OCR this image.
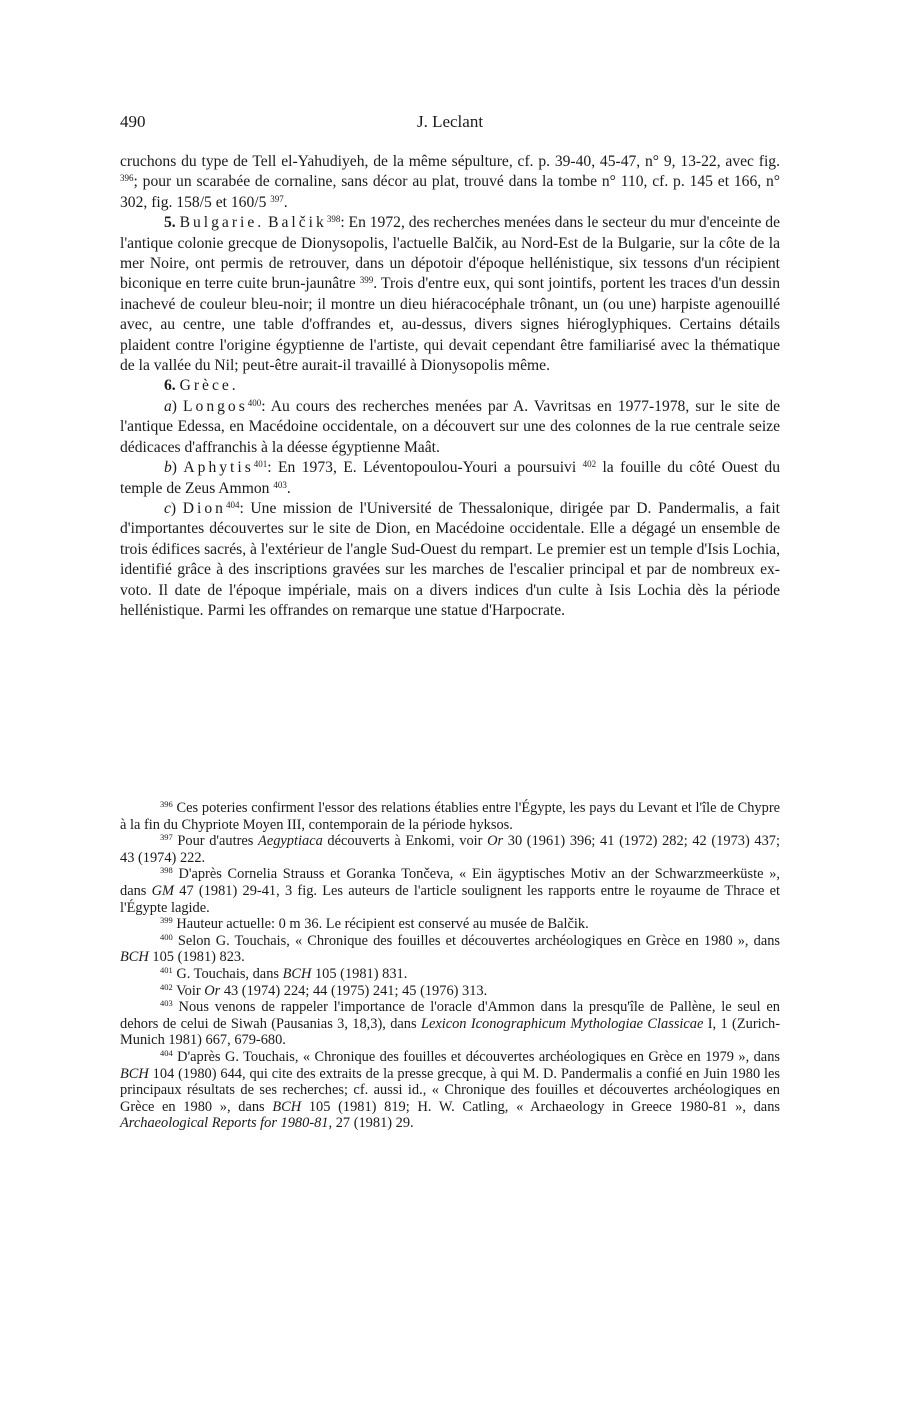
490	J. Leclant

cruchons du type de Tell el-Yahudiyeh, de la même sépulture, cf. p. 39-40, 45-47, n° 9, 13-22, avec fig. $^{396}$; pour un scarabée de cornaline, sans décor au plat, trouvé dans la tombe n° 110, cf. p. 145 et 166, n° 302, fig. 158/5 et 160/5 $^{397}$.

5. Bulgarie. Balčik$^{398}$: En 1972, des recherches menées dans le secteur du mur d'enceinte de l'antique colonie grecque de Dionysopolis, l'actuelle Balčik, au Nord-Est de la Bulgarie, sur la côte de la mer Noire, ont permis de retrouver, dans un dépotoir d'époque hellénistique, six tessons d'un récipient biconique en terre cuite brun-jaunâtre $^{399}$. Trois d'entre eux, qui sont jointifs, portent les traces d'un dessin inachevé de couleur bleu-noir; il montre un dieu hiéracocéphale trônant, un (ou une) harpiste agenouillé avec, au centre, une table d'offrandes et, au-dessus, divers signes hiéroglyphiques. Certains détails plaident contre l'origine égyptienne de l'artiste, qui devait cependant être familiarisé avec la thématique de la vallée du Nil; peut-être aurait-il travaillé à Dionysopolis même.

6. Grèce.

a) Longos$^{400}$: Au cours des recherches menées par A. Vavritsas en 1977-1978, sur le site de l'antique Edessa, en Macédoine occidentale, on a découvert sur une des colonnes de la rue centrale seize dédicaces d'affranchis à la déesse égyptienne Maât.

b) Aphytis$^{401}$: En 1973, E. Léventopoulou-Youri a poursuivi $^{402}$ la fouille du côté Ouest du temple de Zeus Ammon $^{403}$.

c) Dion$^{404}$: Une mission de l'Université de Thessalonique, dirigée par D. Pandermalis, a fait d'importantes découvertes sur le site de Dion, en Macédoine occidentale. Elle a dégagé un ensemble de trois édifices sacrés, à l'extérieur de l'angle Sud-Ouest du rempart. Le premier est un temple d'Isis Lochia, identifié grâce à des inscriptions gravées sur les marches de l'escalier principal et par de nombreux ex-voto. Il date de l'époque impériale, mais on a divers indices d'un culte à Isis Lochia dès la période hellénistique. Parmi les offrandes on remarque une statue d'Harpocrate.

$^{396}$ Ces poteries confirment l'essor des relations établies entre l'Égypte, les pays du Levant et l'île de Chypre à la fin du Chypriote Moyen III, contemporain de la période hyksos.

$^{397}$ Pour d'autres Aegyptiaca découverts à Enkomi, voir Or 30 (1961) 396; 41 (1972) 282; 42 (1973) 437; 43 (1974) 222.

$^{398}$ D'après Cornelia Strauss et Goranka Tončeva, « Ein ägyptisches Motiv an der Schwarzmeerküste », dans GM 47 (1981) 29-41, 3 fig. Les auteurs de l'article soulignent les rapports entre le royaume de Thrace et l'Égypte lagide.

$^{399}$ Hauteur actuelle: 0 m 36. Le récipient est conservé au musée de Balčik.

$^{400}$ Selon G. Touchais, « Chronique des fouilles et découvertes archéologiques en Grèce en 1980 », dans BCH 105 (1981) 823.

$^{401}$ G. Touchais, dans BCH 105 (1981) 831.

$^{402}$ Voir Or 43 (1974) 224; 44 (1975) 241; 45 (1976) 313.

$^{403}$ Nous venons de rappeler l'importance de l'oracle d'Ammon dans la presqu'île de Pallène, le seul en dehors de celui de Siwah (Pausanias 3, 18,3), dans Lexicon Iconographicum Mythologiae Classicae I, 1 (Zurich-Munich 1981) 667, 679-680.

$^{404}$ D'après G. Touchais, « Chronique des fouilles et découvertes archéologiques en Grèce en 1979 », dans BCH 104 (1980) 644, qui cite des extraits de la presse grecque, à qui M. D. Pandermalis a confié en Juin 1980 les principaux résultats de ses recherches; cf. aussi id., « Chronique des fouilles et découvertes archéologiques en Grèce en 1980 », dans BCH 105 (1981) 819; H. W. Catling, « Archaeology in Greece 1980-81 », dans Archaeological Reports for 1980-81, 27 (1981) 29.
